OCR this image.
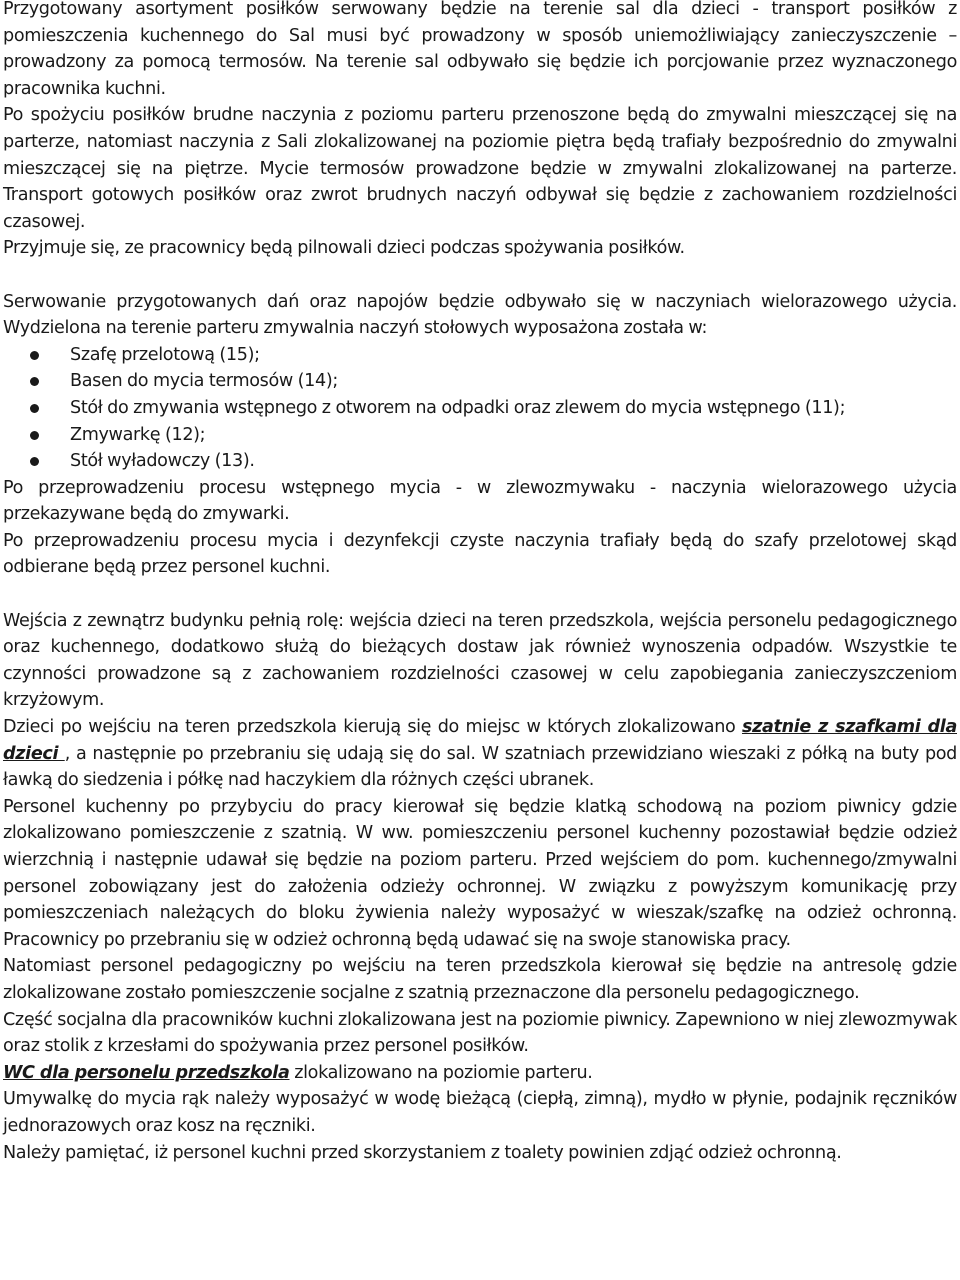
Przygotowany asortyment posiłków serwowany będzie na terenie sal dla dzieci - transport posiłków z pomieszczenia kuchennego do Sal musi być prowadzony w sposób uniemożliwiający zanieczyszczenie – prowadzony za pomocą termosów. Na terenie sal odbywało się będzie ich porcjowanie przez wyznaczonego pracownika kuchni.

Po spożyciu posiłków brudne naczynia z poziomu parteru przenoszone będą do zmywalni mieszczącej się na parterze, natomiast naczynia z Sali zlokalizowanej na poziomie piętra będą trafiały bezpośrednio do zmywalni mieszczącej się na piętrze. Mycie termosów prowadzone będzie w zmywalni zlokalizowanej na parterze. Transport gotowych posiłków oraz zwrot brudnych naczyń odbywał się będzie z zachowaniem rozdzielności czasowej.

Przyjmuje się, ze pracownicy będą pilnowali dzieci podczas spożywania posiłków.

Serwowanie przygotowanych dań oraz napojów będzie odbywało się w naczyniach wielorazowego użycia. Wydzielona na terenie parteru zmywalnia naczyń stołowych wyposażona została w:

Szafę przelotową (15);
Basen do mycia termosów (14);
Stół do zmywania wstępnego z otworem na odpadki oraz zlewem do mycia wstępnego (11);
Zmywarkę (12);
Stół wyładowczy (13).

Po przeprowadzeniu procesu wstępnego mycia - w zlewozmywaku - naczynia wielorazowego użycia przekazywane będą do zmywarki.

Po przeprowadzeniu procesu mycia i dezynfekcji czyste naczynia trafiały będą do szafy przelotowej skąd odbierane będą przez personel kuchni.

Wejścia z zewnątrz budynku pełnią rolę: wejścia dzieci na teren przedszkola, wejścia personelu pedagogicznego oraz kuchennego, dodatkowo służą do bieżących dostaw jak również wynoszenia odpadów. Wszystkie te czynności prowadzone są z zachowaniem rozdzielności czasowej w celu zapobiegania zanieczyszczeniom krzyżowym.

Dzieci po wejściu na teren przedszkola kierują się do miejsc w których zlokalizowano szatnie z szafkami dla dzieci , a następnie po przebraniu się udają się do sal. W szatniach przewidziano wieszaki z półką na buty pod ławką do siedzenia i półkę nad haczykiem dla różnych części ubranek.

Personel kuchenny po przybyciu do pracy kierował się będzie klatką schodową na poziom piwnicy gdzie zlokalizowano pomieszczenie z szatnią. W ww. pomieszczeniu personel kuchenny pozostawiał będzie odzież wierzchnią i następnie udawał się będzie na poziom parteru. Przed wejściem do pom. kuchennego/zmywalni personel zobowiązany jest do założenia odzieży ochronnej. W związku z powyższym komunikację przy pomieszczeniach należących do bloku żywienia należy wyposażyć w wieszak/szafkę na odzież ochronną. Pracownicy po przebraniu się w odzież ochronną będą udawać się na swoje stanowiska pracy.

Natomiast personel pedagogiczny po wejściu na teren przedszkola kierował się będzie na antresolę gdzie zlokalizowane zostało pomieszczenie socjalne z szatnią przeznaczone dla personelu pedagogicznego.

Część socjalna dla pracowników kuchni zlokalizowana jest na poziomie piwnicy. Zapewniono w niej zlewozmywak oraz stolik z krzesłami do spożywania przez personel posiłków.

WC dla personelu przedszkola zlokalizowano na poziomie parteru.

Umywalkę do mycia rąk należy wyposażyć w wodę bieżącą (ciepłą, zimną), mydło w płynie, podajnik ręczników jednorazowych oraz kosz na ręczniki.

Należy pamiętać, iż personel kuchni przed skorzystaniem z toalety powinien zdjąć odzież ochronną.
